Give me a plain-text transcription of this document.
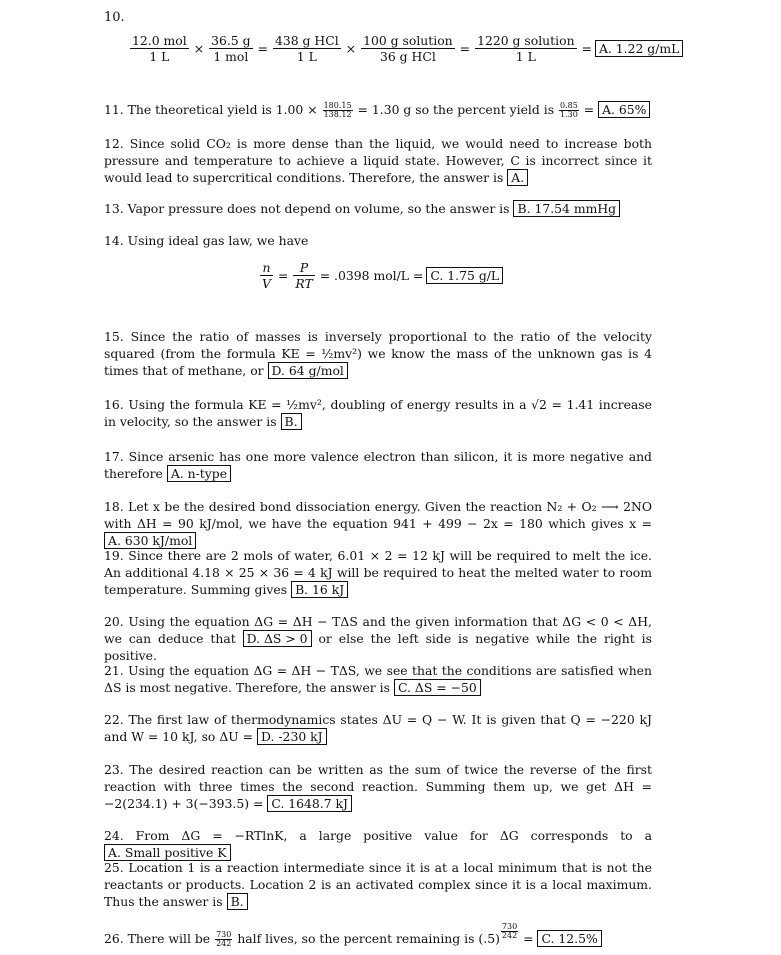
10.
$\frac{\text{12.0 mol}}{1 L} \times \frac{36.5 g}{\text{1 mol}} = \frac{\text{438 g HCl}}{1 L} \times \frac{\text{100 g solution}}{\text{36 g HCl}} = \frac{\text{1220 g solution}}{1 L} = A$. 1.22 g/mL
11. The theoretical yield is $1.00 \times \frac{180.15}{138.12} = 1.30$ g so the percent yield is $\frac{0.85}{1.30} = A$. 65%
12. Since solid CO₂ is more dense than the liquid, we would need to increase both pressure and temperature to achieve a liquid state. However, C is incorrect since it would lead to supercritical conditions. Therefore, the answer is A.
13. Vapor pressure does not depend on volume, so the answer is B. 17.54 mmHg
14. Using ideal gas law, we have
$\frac{n}{V} = \frac{P}{RT} = .0398$ mol/L = C. 1.75 g/L
15. Since the ratio of masses is inversely proportional to the ratio of the velocity squared (from the formula KE = ½mv²) we know the mass of the unknown gas is 4 times that of methane, or D. 64 g/mol
16. Using the formula KE = ½mv², doubling of energy results in a √2 = 1.41 increase in velocity, so the answer is B.
17. Since arsenic has one more valence electron than silicon, it is more negative and therefore A. n-type
18. Let x be the desired bond dissociation energy. Given the reaction N₂ + O₂ ⟶ 2NO with ΔH = 90 kJ/mol, we have the equation 941 + 499 − 2x = 180 which gives x = A. 630 kJ/mol
19. Since there are 2 mols of water, 6.01 × 2 = 12 kJ will be required to melt the ice. An additional 4.18 × 25 × 36 = 4 kJ will be required to heat the melted water to room temperature. Summing gives B. 16 kJ
20. Using the equation ΔG = ΔH − TΔS and the given information that ΔG < 0 < ΔH, we can deduce that D. ΔS > 0 or else the left side is negative while the right is positive.
21. Using the equation ΔG = ΔH − TΔS, we see that the conditions are satisfied when ΔS is most negative. Therefore, the answer is C. ΔS = −50
22. The first law of thermodynamics states ΔU = Q − W. It is given that Q = −220 kJ and W = 10 kJ, so ΔU = D. -230 kJ
23. The desired reaction can be written as the sum of twice the reverse of the first reaction with three times the second reaction. Summing them up, we get ΔH = −2(234.1) + 3(−393.5) = C. 1648.7 kJ
24. From ΔG = −RTlnK, a large positive value for ΔG corresponds to a A. Small positive K
25. Location 1 is a reaction intermediate since it is at a local minimum that is not the reactants or products. Location 2 is an activated complex since it is a local maximum. Thus the answer is B.
26. There will be $\frac{730}{242}$ half lives, so the percent remaining is $(.5) \frac{730}{242} = C$. 12.5%
